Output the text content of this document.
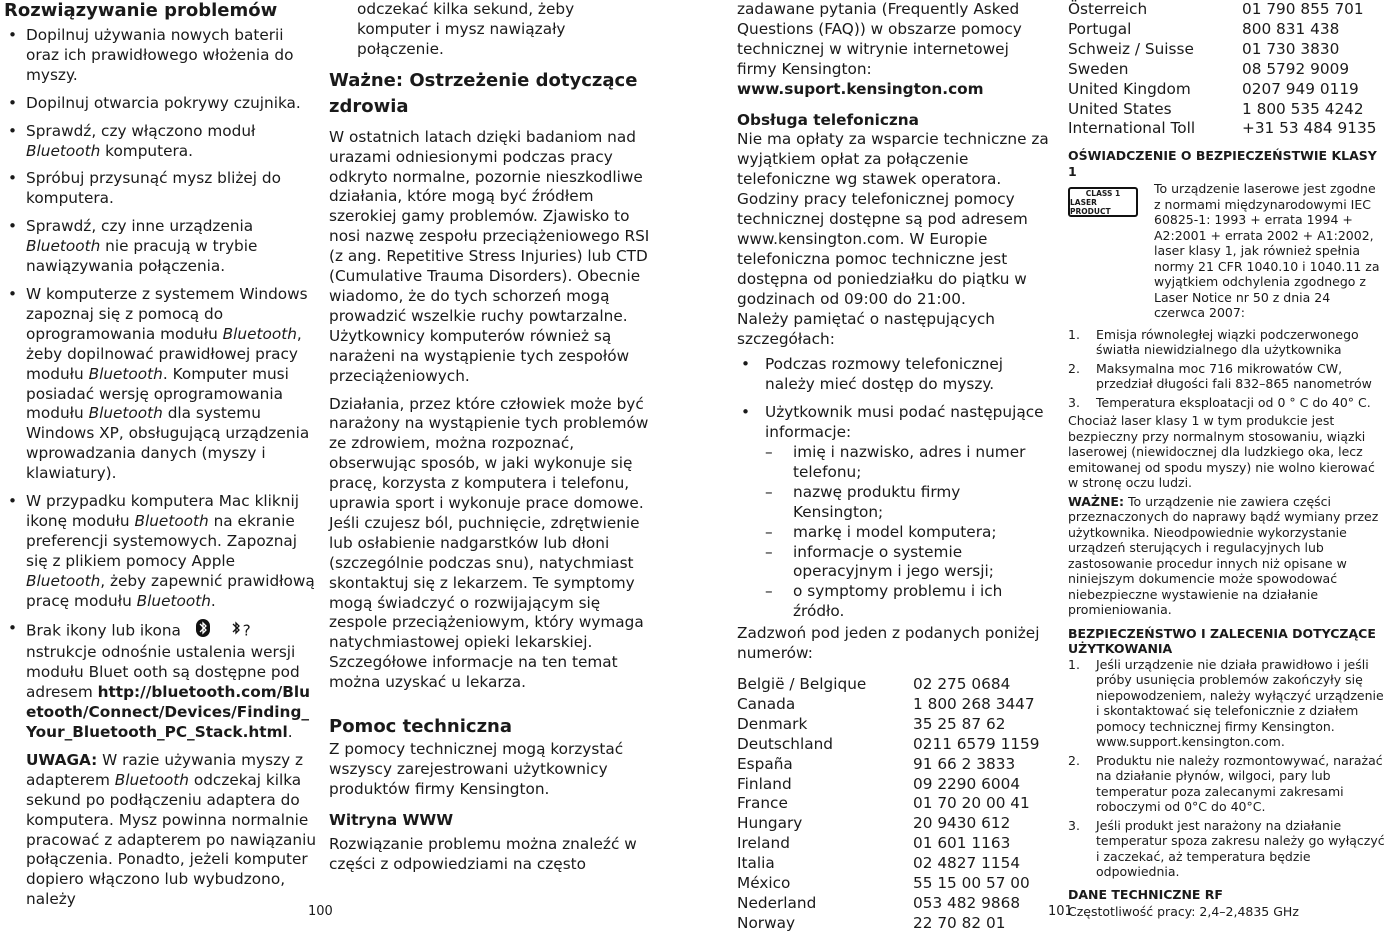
Rozwiązywanie problemów
• Dopilnuj używania nowych baterii oraz ich prawidłowego włożenia do myszy.
• Dopilnuj otwarcia pokrywy czujnika.
• Sprawdź, czy włączono moduł Bluetooth komputera.
• Spróbuj przysunąć mysz bliżej do komputera.
• Sprawdź, czy inne urządzenia Bluetooth nie pracują w trybie nawiązywania połączenia.
• W komputerze z systemem Windows zapoznaj się z pomocą do oprogramowania modułu Bluetooth, żeby dopilnować prawidłowej pracy modułu Bluetooth. Komputer musi posiadać wersję oprogramowania modułu Bluetooth dla systemu Windows XP, obsługującą urządzenia wprowadzania danych (myszy i klawiatury).
• W przypadku komputera Mac kliknij ikonę modułu Bluetooth na ekranie preferencji systemowych. Zapoznaj się z plikiem pomocy Apple Bluetooth, żeby zapewnić prawidłową pracę modułu Bluetooth.
• Brak ikony lub ikona	? nstrukcje odnośnie ustalenia wersji modułu Bluet ooth są dostępne pod adresem http://bluetooth.com/Bluetooth/Connect/Devices/Finding_Your_Bluetooth_PC_Stack.html.

UWAGA: W razie używania myszy z adapterem Bluetooth odczekaj kilka sekund po podłączeniu adaptera do komputera. Mysz powinna normalnie pracować z adapterem po nawiązaniu połączenia. Ponadto, jeżeli komputer dopiero włączono lub wybudzono, należy

odczekać kilka sekund, żeby komputer i mysz nawiązały połączenie.

Ważne: Ostrzeżenie dotyczące zdrowia

W ostatnich latach dzięki badaniom nad urazami odniesionymi podczas pracy odkryto normalne, pozornie nieszkodliwe działania, które mogą być źródłem szerokiej gamy problemów. Zjawisko to nosi nazwę zespołu przeciążeniowego RSI (z ang. Repetitive Stress Injuries) lub CTD (Cumulative Trauma Disorders). Obecnie wiadomo, że do tych schorzeń mogą prowadzić wszelkie ruchy powtarzalne. Użytkownicy komputerów również są narażeni na wystąpienie tych zespołów przeciążeniowych.

Działania, przez które człowiek może być narażony na wystąpienie tych problemów ze zdrowiem, można rozpoznać, obserwując sposób, w jaki wykonuje się pracę, korzysta z komputera i telefonu, uprawia sport i wykonuje prace domowe. Jeśli czujesz ból, puchnięcie, zdrętwienie lub osłabienie nadgarstków lub dłoni (szczególnie podczas snu), natychmiast skontaktuj się z lekarzem. Te symptomy mogą świadczyć o rozwijającym się zespole przeciążeniowym, który wymaga natychmiastowej opieki lekarskiej. Szczegółowe informacje na ten temat można uzyskać u lekarza.

Pomoc techniczna

Z pomocy technicznej mogą korzystać wszyscy zarejestrowani użytkownicy produktów firmy Kensington.

Witryna WWW

Rozwiązanie problemu można znaleźć w części z odpowiedziami na często

100

zadawane pytania (Frequently Asked Questions (FAQ)) w obszarze pomocy technicznej w witrynie internetowej firmy Kensington: www.suport.kensington.com

Obsługa telefoniczna

Nie ma opłaty za wsparcie techniczne za wyjątkiem opłat za połączenie telefoniczne wg stawek operatora. Godziny pracy telefonicznej pomocy technicznej dostępne są pod adresem www.kensington.com. W Europie telefoniczna pomoc techniczne jest dostępna od poniedziałku do piątku w godzinach od 09:00 do 21:00.

Należy pamiętać o następujących szczegółach:

• Podczas rozmowy telefonicznej należy mieć dostęp do myszy.
• Użytkownik musi podać następujące informacje:
– imię i nazwisko, adres i numer telefonu;
– nazwę produktu firmy Kensington;
– markę i model komputera;
– informacje o systemie operacyjnym i jego wersji;
– o symptomy problemu i ich źródło.

Zadzwoń pod jeden z podanych poniżej numerów:

België / Belgique	02 275 0684
Canada	1 800 268 3447
Denmark	35 25 87 62
Deutschland	0211 6579 1159
España	91 66 2 3833
Finland	09 2290 6004
France	01 70 20 00 41
Hungary	20 9430 612
Ireland	01 601 1163
Italia	02 4827 1154
México	55 15 00 57 00
Nederland	053 482 9868
Norway	22 70 82 01
Österreich	01 790 855 701
Portugal	800 831 438
Schweiz / Suisse	01 730 3830
Sweden	08 5792 9009
United Kingdom	0207 949 0119
United States	1 800 535 4242
International Toll	+31 53 484 9135

OŚWIADCZENIE O BEZPIECZEŃSTWIE KLASY 1

CLASS 1
LASER PRODUCT

To urządzenie laserowe jest zgodne z normami międzynarodowymi IEC 60825-1: 1993 + errata 1994 + A2:2001 + errata 2002 + A1:2002, laser klasy 1, jak również spełnia normy 21 CFR 1040.10 i 1040.11 za wyjątkiem odchylenia zgodnego z Laser Notice nr 50 z dnia 24 czerwca 2007:

1. Emisja równoległej wiązki podczerwonego światła niewidzialnego dla użytkownika
2. Maksymalna moc 716 mikrowatów CW, przedział długości fali 832–865 nanometrów
3. Temperatura eksploatacji od 0 ° C do 40° C.

Chociaż laser klasy 1 w tym produkcie jest bezpieczny przy normalnym stosowaniu, wiązki laserowej (niewidocznej dla ludzkiego oka, lecz emitowanej od spodu myszy) nie wolno kierować w stronę oczu ludzi.

WAŻNE: To urządzenie nie zawiera części przeznaczonych do naprawy bądź wymiany przez użytkownika. Nieodpowiednie wykorzystanie urządzeń sterujących i regulacyjnych lub zastosowanie procedur innych niż opisane w niniejszym dokumencie może spowodować niebezpieczne wystawienie na działanie promieniowania.

BEZPIECZEŃSTWO I ZALECENIA DOTYCZĄCE UŻYTKOWANIA

1. Jeśli urządzenie nie działa prawidłowo i jeśli próby usunięcia problemów zakończyły się niepowodzeniem, należy wyłączyć urządzenie i skontaktować się telefonicznie z działem pomocy technicznej firmy Kensington. www.support.kensington.com.
2. Produktu nie należy rozmontowywać, narażać na działanie płynów, wilgoci, pary lub temperatur poza zalecanymi zakresami roboczymi od 0°C do 40°C.
3. Jeśli produkt jest narażony na działanie temperatur spoza zakresu należy go wyłączyć i zaczekać, aż temperatura będzie odpowiednia.

DANE TECHNICZNE RF

Częstotliwość pracy: 2,4–2,4835 GHz

101
